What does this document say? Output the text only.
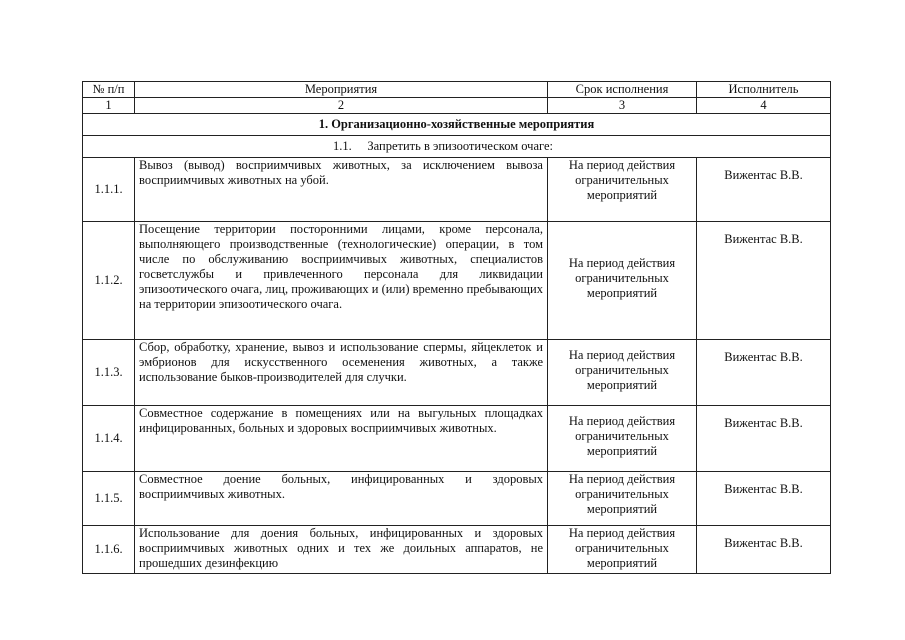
№ п/п	Мероприятия	Срок исполнения	Исполнитель
1	2	3	4
1. Организационно-хозяйственные мероприятия			
1.1.     Запретить в эпизоотическом очаге:			
1.1.1.	Вывоз (вывод) восприимчивых животных, за исключением вывоза восприимчивых животных на убой.	На период действия ограничительных мероприятий	Вижентас В.В.
1.1.2.	Посещение территории посторонними лицами, кроме персонала, выполняющего производственные (технологические) операции, в том числе по обслуживанию восприимчивых животных, специалистов госветслужбы и привлеченного персонала для ликвидации эпизоотического очага, лиц, проживающих и (или) временно пребывающих на территории эпизоотического очага.	На период действия ограничительных мероприятий	Вижентас В.В.
1.1.3.	Сбор, обработку, хранение, вывоз и использование спермы, яйцеклеток и эмбрионов для искусственного осеменения животных, а также использование быков-производителей для случки.	На период действия ограничительных мероприятий	Вижентас В.В.
1.1.4.	Совместное содержание в помещениях или на выгульных площадках инфицированных, больных и здоровых восприимчивых животных.	На период действия ограничительных мероприятий	Вижентас В.В.
1.1.5.	Совместное доение больных, инфицированных и здоровых восприимчивых животных.	На период действия ограничительных мероприятий	Вижентас В.В.
1.1.6.	Использование для доения больных, инфицированных и здоровых восприимчивых животных одних и тех же доильных аппаратов, не прошедших дезинфекцию	На период действия ограничительных мероприятий	Вижентас В.В.
